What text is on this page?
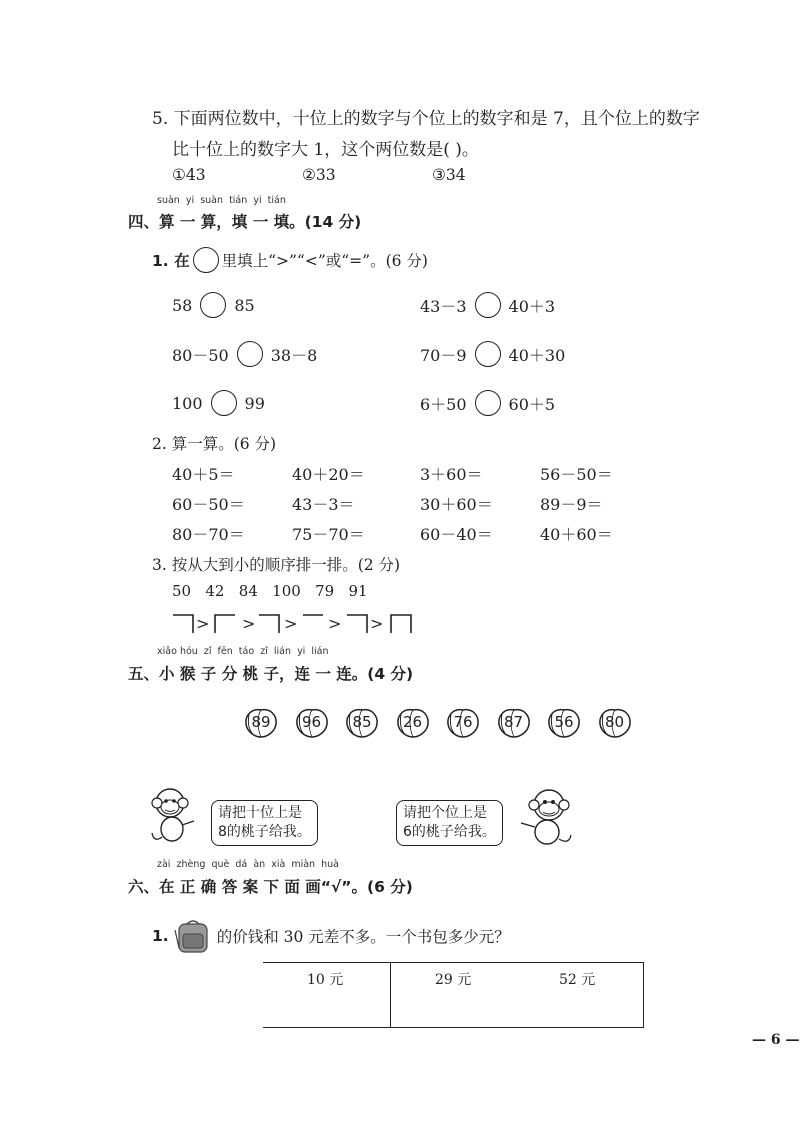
5. 下面两位数中，十位上的数字与个位上的数字和是 7，且个位上的数字
比十位上的数字大 1，这个两位数是( )。
①43	②33	③34
suàn yi suàn tián yi tián
四、算 一 算，填 一 填。(14 分)
1. 在 里填上“>”“<”或“=”。(6 分)
58	85	43－3	40＋3
80－50	38－8	70－9	40＋30
100	99	6＋50	60＋5
2. 算一算。(6 分)
40＋5＝	40＋20＝	3＋60＝	56－50＝
60－50＝	43－3＝	30＋60＝	89－9＝
80－70＝	75－70＝	60－40＝	40＋60＝
3. 按从大到小的顺序排一排。(2 分)
50   42   84   100   79   91
> > > > >
xiǎo hóu zǐ fēn táo zǐ lián yi lián
五、小 猴 子 分 桃 子，连 一 连。(4 分)
89	96	85	26	76	87	56	80
请把十位上是
8的桃子给我。
请把个位上是
6的桃子给我。
zài zhèng què dá àn xià miàn huà
六、在 正 确 答 案 下 面 画“√”。(6 分)
1.	的价钱和 30 元差不多。一个书包多少元？
10 元	29 元	52 元
— 6 —
